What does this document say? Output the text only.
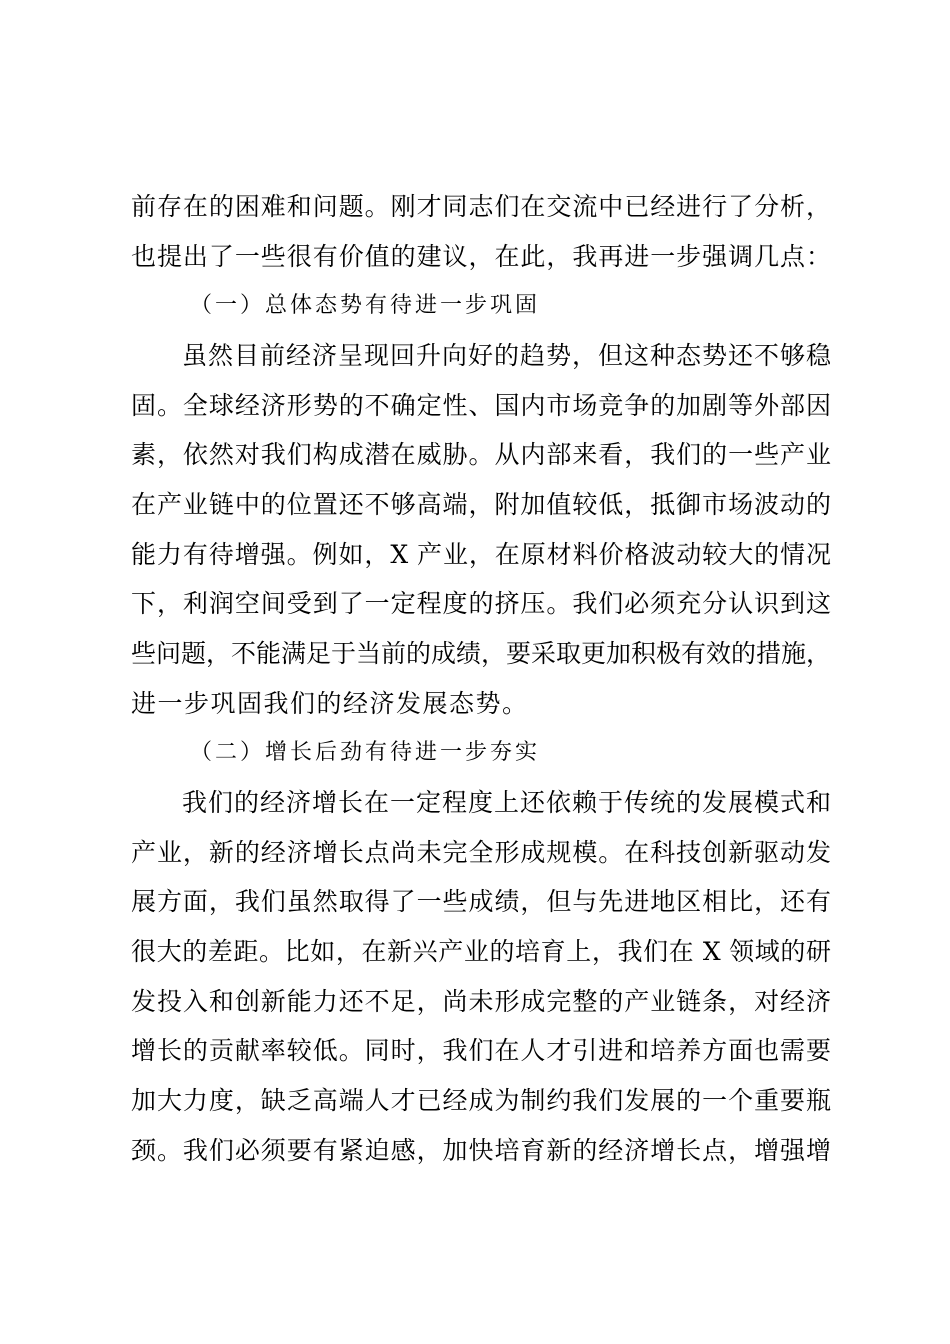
前存在的困难和问题。刚才同志们在交流中已经进行了分析，
也提出了一些很有价值的建议，在此，我再进一步强调几点：
（一）总体态势有待进一步巩固
虽然目前经济呈现回升向好的趋势，但这种态势还不够稳
固。全球经济形势的不确定性、国内市场竞争的加剧等外部因
素，依然对我们构成潜在威胁。从内部来看，我们的一些产业
在产业链中的位置还不够高端，附加值较低，抵御市场波动的
能力有待增强。例如，X 产业，在原材料价格波动较大的情况
下，利润空间受到了一定程度的挤压。我们必须充分认识到这
些问题，不能满足于当前的成绩，要采取更加积极有效的措施，
进一步巩固我们的经济发展态势。
（二）增长后劲有待进一步夯实
我们的经济增长在一定程度上还依赖于传统的发展模式和
产业，新的经济增长点尚未完全形成规模。在科技创新驱动发
展方面，我们虽然取得了一些成绩，但与先进地区相比，还有
很大的差距。比如，在新兴产业的培育上，我们在 X 领域的研
发投入和创新能力还不足，尚未形成完整的产业链条，对经济
增长的贡献率较低。同时，我们在人才引进和培养方面也需要
加大力度，缺乏高端人才已经成为制约我们发展的一个重要瓶
颈。我们必须要有紧迫感，加快培育新的经济增长点，增强增
